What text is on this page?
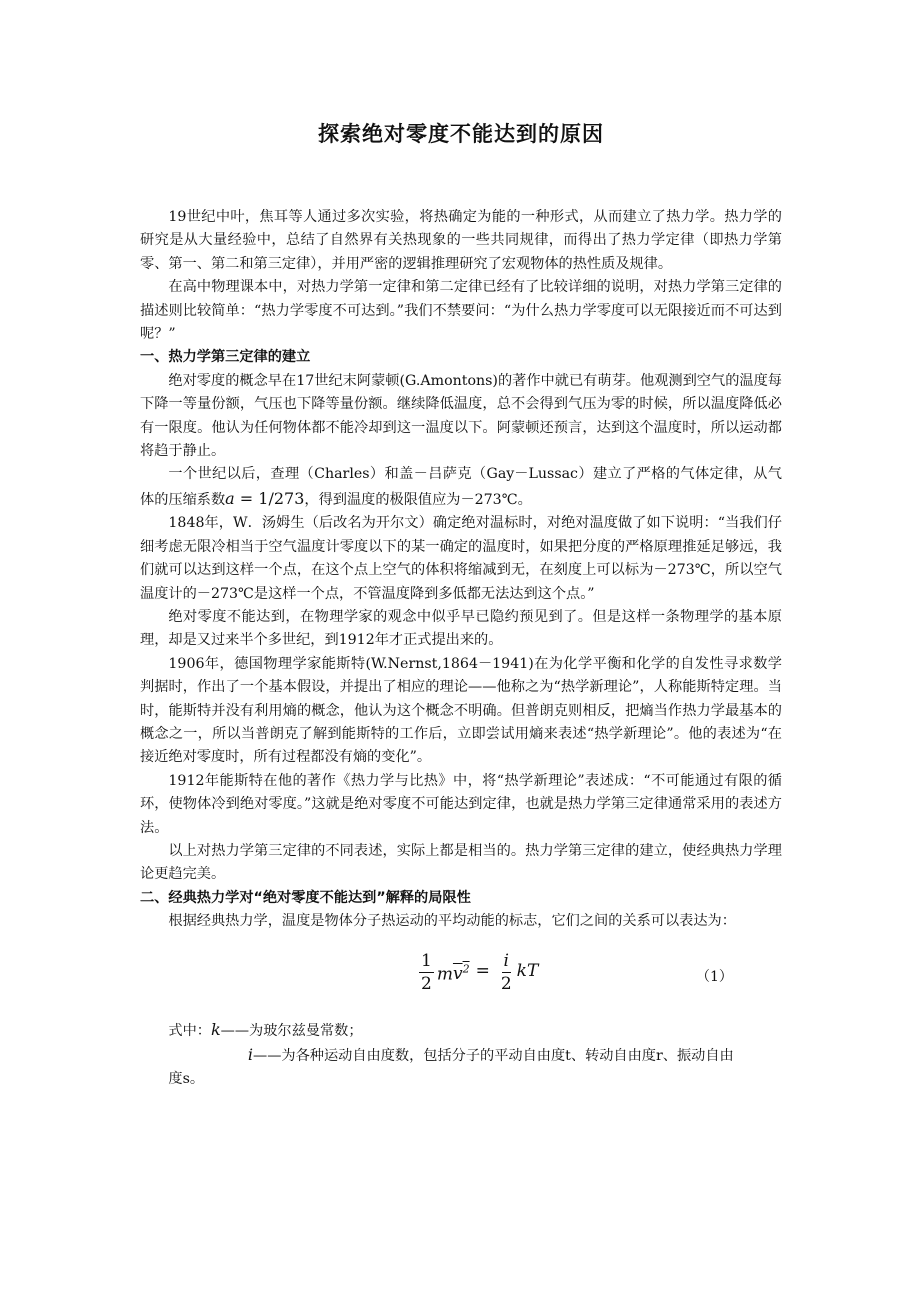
探索绝对零度不能达到的原因

19世纪中叶，焦耳等人通过多次实验，将热确定为能的一种形式，从而建立了热力学。热力学的研究是从大量经验中，总结了自然界有关热现象的一些共同规律，而得出了热力学定律（即热力学第零、第一、第二和第三定律），并用严密的逻辑推理研究了宏观物体的热性质及规律。

在高中物理课本中，对热力学第一定律和第二定律已经有了比较详细的说明，对热力学第三定律的描述则比较简单：“热力学零度不可达到。”我们不禁要问：“为什么热力学零度可以无限接近而不可达到呢？”

一、热力学第三定律的建立

绝对零度的概念早在17世纪末阿蒙顿(G.Amontons)的著作中就已有萌芽。他观测到空气的温度每下降一等量份额，气压也下降等量份额。继续降低温度，总不会得到气压为零的时候，所以温度降低必有一限度。他认为任何物体都不能冷却到这一温度以下。阿蒙顿还预言，达到这个温度时，所以运动都将趋于静止。

一个世纪以后，查理（Charles）和盖－吕萨克（Gay－Lussac）建立了严格的气体定律，从气体的压缩系数a = 1/273，得到温度的极限值应为－273℃。

1848年，W．汤姆生（后改名为开尔文）确定绝对温标时，对绝对温度做了如下说明：“当我们仔细考虑无限冷相当于空气温度计零度以下的某一确定的温度时，如果把分度的严格原理推延足够远，我们就可以达到这样一个点，在这个点上空气的体积将缩减到无，在刻度上可以标为－273℃，所以空气温度计的－273℃是这样一个点，不管温度降到多低都无法达到这个点。”

绝对零度不能达到，在物理学家的观念中似乎早已隐约预见到了。但是这样一条物理学的基本原理，却是又过来半个多世纪，到1912年才正式提出来的。

1906年，德国物理学家能斯特(W.Nernst,1864－1941)在为化学平衡和化学的自发性寻求数学判据时，作出了一个基本假设，并提出了相应的理论——他称之为“热学新理论”，人称能斯特定理。当时，能斯特并没有利用熵的概念，他认为这个概念不明确。但普朗克则相反，把熵当作热力学最基本的概念之一，所以当普朗克了解到能斯特的工作后，立即尝试用熵来表述“热学新理论”。他的表述为“在接近绝对零度时，所有过程都没有熵的变化”。

1912年能斯特在他的著作《热力学与比热》中，将“热学新理论”表述成：“不可能通过有限的循环，使物体冷到绝对零度。”这就是绝对零度不可能达到定律，也就是热力学第三定律通常采用的表述方法。

以上对热力学第三定律的不同表述，实际上都是相当的。热力学第三定律的建立，使经典热力学理论更趋完美。

二、经典热力学对“绝对零度不能达到”解释的局限性

根据经典热力学，温度是物体分子热运动的平均动能的标志，它们之间的关系可以表达为：

$\frac{1}{2} mv^2 = \frac{i}{2}$ kT	（1）

式中：k——为玻尔兹曼常数；

i——为各种运动自由度数，包括分子的平动自由度t、转动自由度r、振动自由

度s。
